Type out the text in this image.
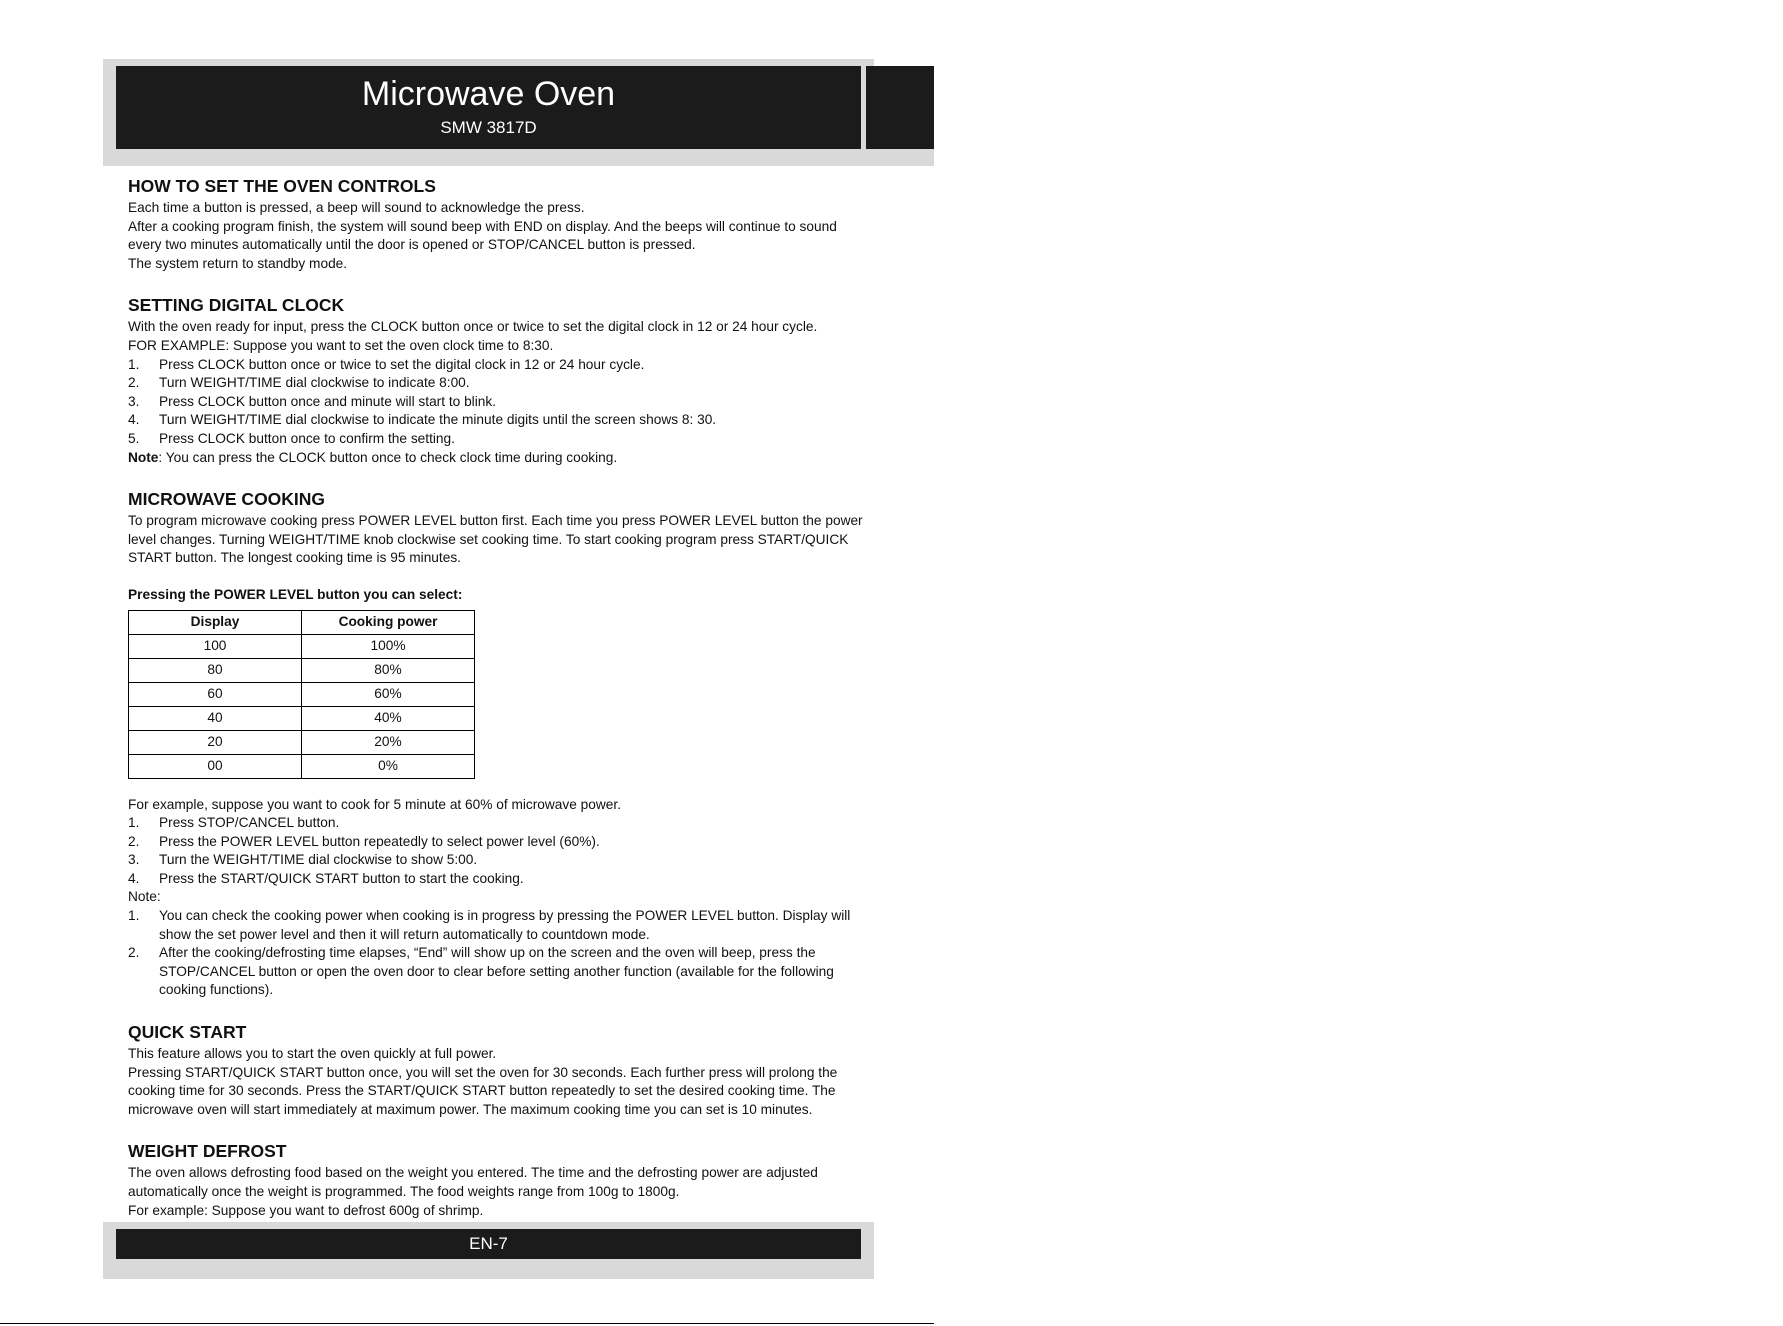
Microwave Oven
SMW 3817D
EN
HOW TO SET THE OVEN CONTROLS

Each time a button is pressed, a beep will sound to acknowledge the press.

After a cooking program finish, the system will sound beep with END on display. And the beeps will continue to sound every two minutes automatically until the door is opened or STOP/CANCEL button is pressed.

The system return to standby mode.

SETTING DIGITAL CLOCK

With the oven ready for input, press the CLOCK button once or twice to set the digital clock in 12 or 24 hour cycle.

FOR EXAMPLE: Suppose you want to set the oven clock time to 8:30.

1.	Press CLOCK button once or twice to set the digital clock in 12 or 24 hour cycle.
2.	Turn WEIGHT/TIME dial clockwise to indicate 8:00.
3.	Press CLOCK button once and minute will start to blink.
4.	Turn WEIGHT/TIME dial clockwise to indicate the minute digits until the screen shows 8: 30.
5.	Press CLOCK button once to confirm the setting.

Note: You can press the CLOCK button once to check clock time during cooking.

MICROWAVE COOKING

To program microwave cooking press POWER LEVEL button first. Each time you press POWER LEVEL button the power level changes. Turning WEIGHT/TIME knob clockwise set cooking time. To start cooking program press START/QUICK START button. The longest cooking time is 95 minutes.

Pressing the POWER LEVEL button you can select:

Display	Cooking power
100	100%
80	80%
60	60%
40	40%
20	20%
00	0%

For example, suppose you want to cook for 5 minute at 60% of microwave power.

1.	Press STOP/CANCEL button.
2.	Press the POWER LEVEL button repeatedly to select power level (60%).
3.	Turn the WEIGHT/TIME dial clockwise to show 5:00.
4.	Press the START/QUICK START button to start the cooking.

Note:

1.	You can check the cooking power when cooking is in progress by pressing the POWER LEVEL button. Display will show the set power level and then it will return automatically to countdown mode.
2.	After the cooking/defrosting time elapses, “End” will show up on the screen and the oven will beep, press the STOP/CANCEL button or open the oven door to clear before setting another function (available for the following cooking functions).
QUICK START

This feature allows you to start the oven quickly at full power.

Pressing START/QUICK START button once, you will set the oven for 30 seconds. Each further press will prolong the cooking time for 30 seconds. Press the START/QUICK START button repeatedly to set the desired cooking time. The microwave oven will start immediately at maximum power. The maximum cooking time you can set is 10 minutes.

WEIGHT DEFROST

The oven allows defrosting food based on the weight you entered. The time and the defrosting power are adjusted automatically once the weight is programmed. The food weights range from 100g to 1800g.

For example: Suppose you want to defrost 600g of shrimp.

EN-7
